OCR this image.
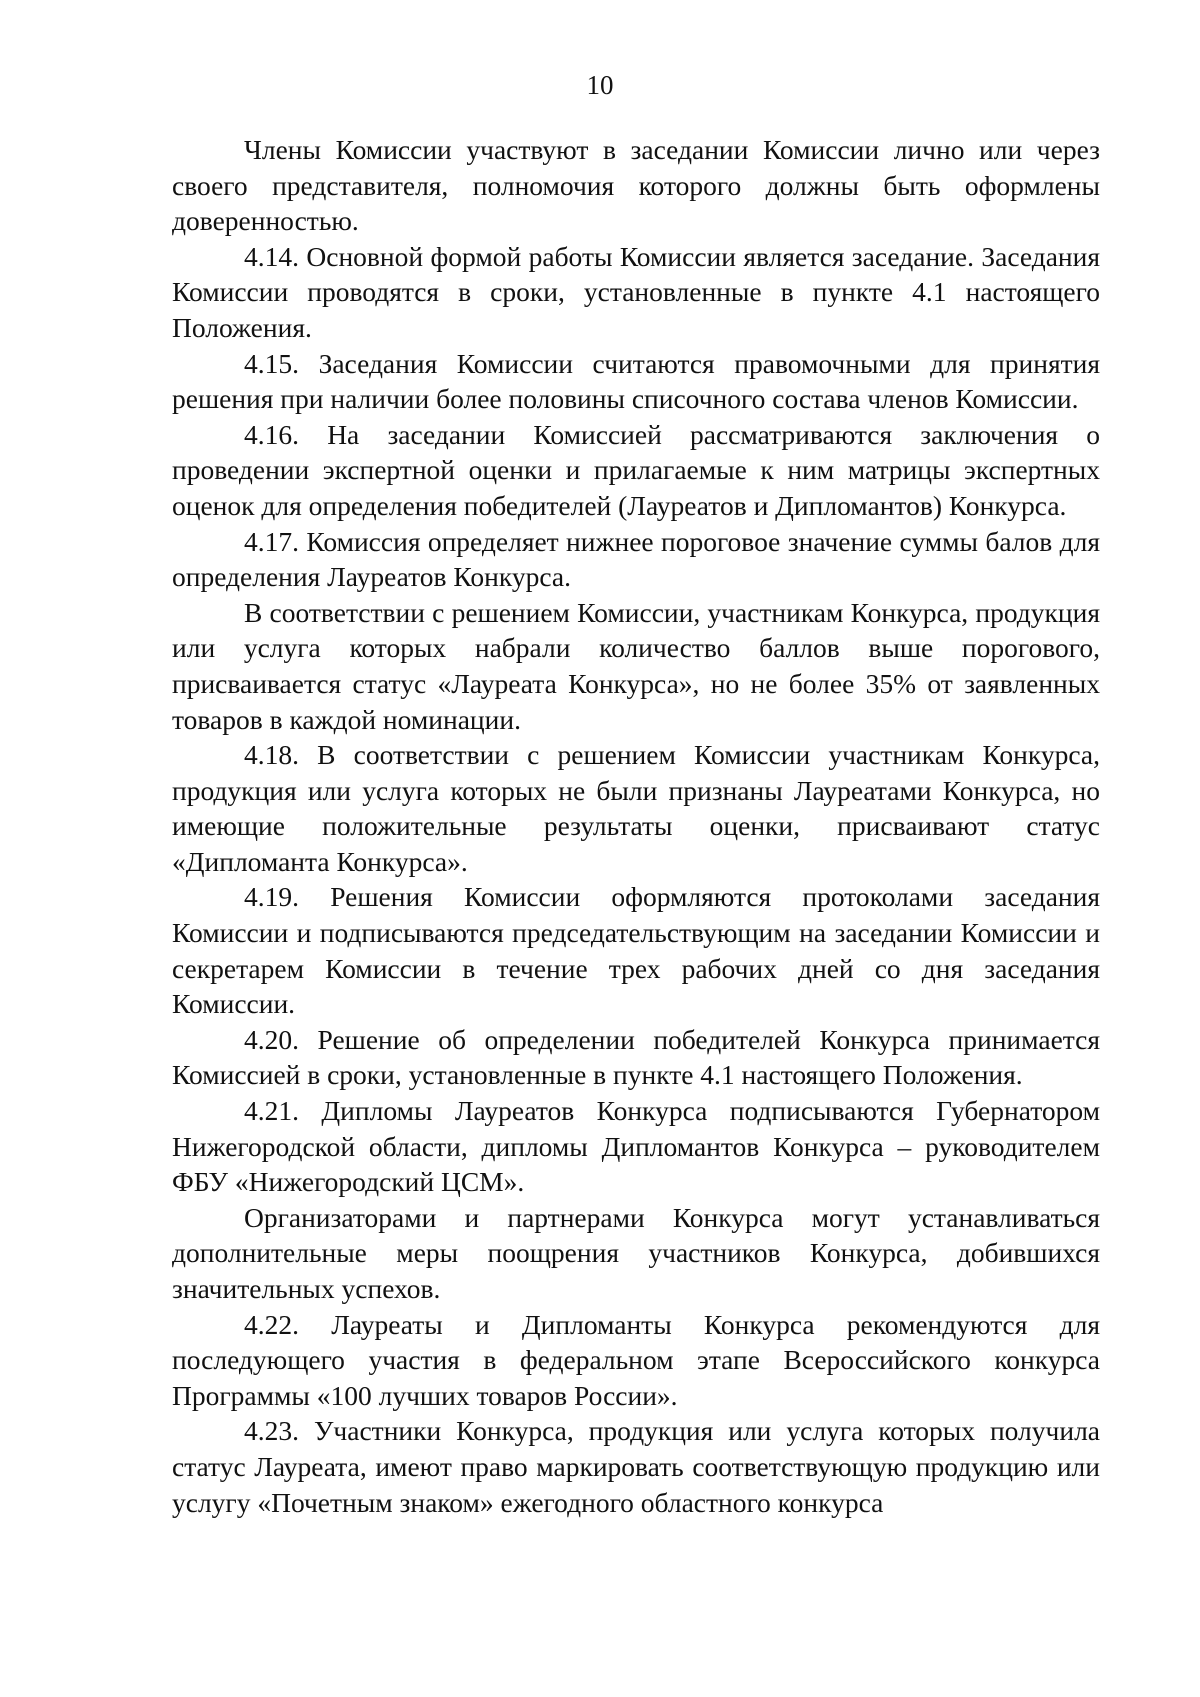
10

Члены Комиссии участвуют в заседании Комиссии лично или через своего представителя, полномочия которого должны быть оформлены доверенностью.

4.14. Основной формой работы Комиссии является заседание. Заседания Комиссии проводятся в сроки, установленные в пункте 4.1 настоящего Положения.

4.15. Заседания Комиссии считаются правомочными для принятия решения при наличии более половины списочного состава членов Комиссии.

4.16. На заседании Комиссией рассматриваются заключения о проведении экспертной оценки и прилагаемые к ним матрицы экспертных оценок для определения победителей (Лауреатов и Дипломантов) Конкурса.

4.17. Комиссия определяет нижнее пороговое значение суммы балов для определения Лауреатов Конкурса.

В соответствии с решением Комиссии, участникам Конкурса, продукция или услуга которых набрали количество баллов выше порогового, присваивается статус «Лауреата Конкурса», но не более 35% от заявленных товаров в каждой номинации.

4.18. В соответствии с решением Комиссии участникам Конкурса, продукция или услуга которых не были признаны Лауреатами Конкурса, но имеющие положительные результаты оценки, присваивают статус «Дипломанта Конкурса».

4.19. Решения Комиссии оформляются протоколами заседания Комиссии и подписываются председательствующим на заседании Комиссии и секретарем Комиссии в течение трех рабочих дней со дня заседания Комиссии.

4.20. Решение об определении победителей Конкурса принимается Комиссией в сроки, установленные в пункте 4.1 настоящего Положения.

4.21. Дипломы Лауреатов Конкурса подписываются Губернатором Нижегородской области, дипломы Дипломантов Конкурса – руководителем ФБУ «Нижегородский ЦСМ».

Организаторами и партнерами Конкурса могут устанавливаться дополнительные меры поощрения участников Конкурса, добившихся значительных успехов.

4.22. Лауреаты и Дипломанты Конкурса рекомендуются для последующего участия в федеральном этапе Всероссийского конкурса Программы «100 лучших товаров России».

4.23. Участники Конкурса, продукция или услуга которых получила статус Лауреата, имеют право маркировать соответствующую продукцию или услугу «Почетным знаком» ежегодного областного конкурса
